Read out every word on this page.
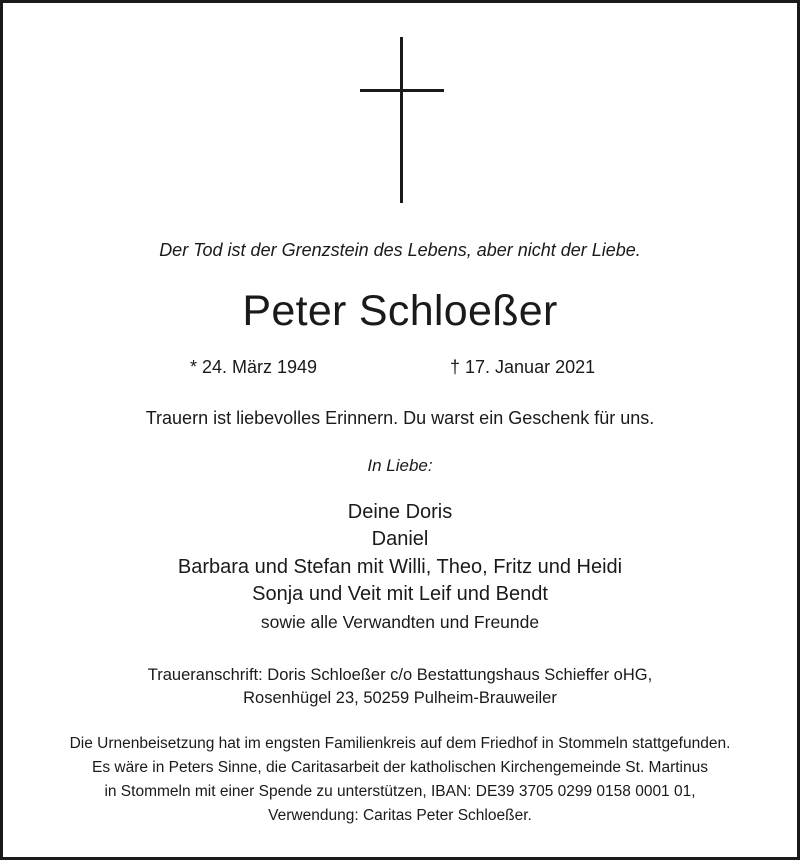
Der Tod ist der Grenzstein des Lebens, aber nicht der Liebe.
Peter Schloeßer
* 24. März 1949	† 17. Januar 2021
Trauern ist liebevolles Erinnern. Du warst ein Geschenk für uns.
In Liebe:
Deine Doris
Daniel
Barbara und Stefan mit Willi, Theo, Fritz und Heidi
Sonja und Veit mit Leif und Bendt
sowie alle Verwandten und Freunde
Traueranschrift: Doris Schloeßer c/o Bestattungshaus Schieffer oHG,
Rosenhügel 23, 50259 Pulheim-Brauweiler
Die Urnenbeisetzung hat im engsten Familienkreis auf dem Friedhof in Stommeln stattgefunden.
Es wäre in Peters Sinne, die Caritasarbeit der katholischen Kirchengemeinde St. Martinus
in Stommeln mit einer Spende zu unterstützen, IBAN: DE39 3705 0299 0158 0001 01,
Verwendung: Caritas Peter Schloeßer.
